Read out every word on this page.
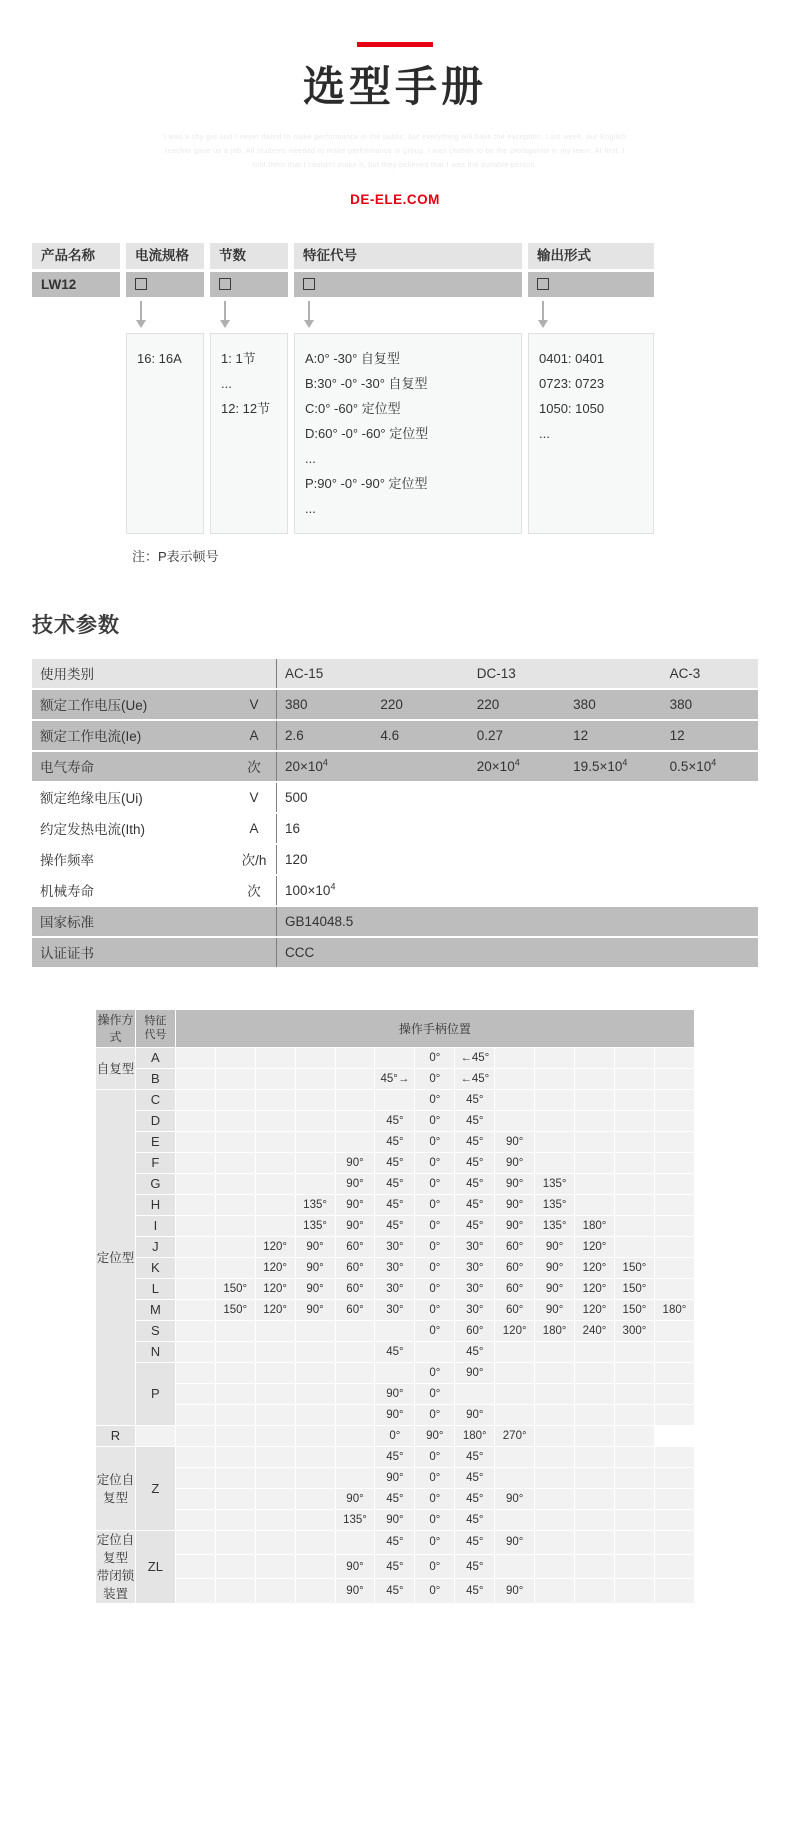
选型手册

I was a shy girl and I never dared to make performance in the public, but everything will have the exception. Last week, our English teacher gave us a job. All students needed to make performance in group. I was chosen to be the protagonist in my team. At first, I told them that I couldn't make it, but they believed that I was the suitable person.

DE-ELE.COM
产品名称	电流规格	节数	特征代号	输出形式
LW12
16: 16A	1: 1节
...
12: 12节
A:0° -30° 自复型
B:30° -0° -30° 自复型
C:0° -60° 定位型
D:60° -0° -60° 定位型
...
P:90° -0° -90° 定位型
...
0401: 0401
0723: 0723
1050: 1050
...
注：P表示顿号
技术参数
使用类别		AC-15		DC-13		AC-3
额定工作电压(Ue)	V	380	220	220	380	380
额定工作电流(Ie)	A	2.6	4.6	0.27	12	12
电气寿命	次	$20\times 10^4$		$20\times 10^4$	$19.5\times 10^4$	$0.5\times 10^4$
额定绝缘电压(Ui)	V	500				
约定发热电流(Ith)	A	16				
操作频率	次/h	120				
机械寿命	次	$100\times 10^4$
国家标准		GB14048.5				
认证证书		CCC				
操作方式	特征
代号	操作手柄位置												
自复型	A							0°	←45°					
	B						45°→	0°	←45°					
定位型	C							0°	45°					
	D						45°	0°	45°					
	E						45°	0°	45°	90°				
	F					90°	45°	0°	45°	90°				
	G					90°	45°	0°	45°	90°	135°			
	H				135°	90°	45°	0°	45°	90°	135°			
	I				135°	90°	45°	0°	45°	90°	135°	180°		
	J			120°	90°	60°	30°	0°	30°	60°	90°	120°		
	K			120°	90°	60°	30°	0°	30°	60°	90°	120°	150°	
	L		150°	120°	90°	60°	30°	0°	30°	60°	90°	120°	150°	
	M		150°	120°	90°	60°	30°	0°	30°	60°	90°	120°	150°	180°
	S							0°	60°	120°	180°	240°	300°	
	N						45°		45°					
	P							0°	90°					
							90°	0°						
							90°	0°	90°					
R							0°	90°	180°	270°				
定位自复型	Z						45°	0°	45°					
							90°	0°	45°					
						90°	45°	0°	45°	90°				
						135°	90°	0°	45°					
定位自复型
带闭锁装置	ZL						45°	0°	45°	90°				
						90°	45°	0°	45°					
						90°	45°	0°	45°	90°				
